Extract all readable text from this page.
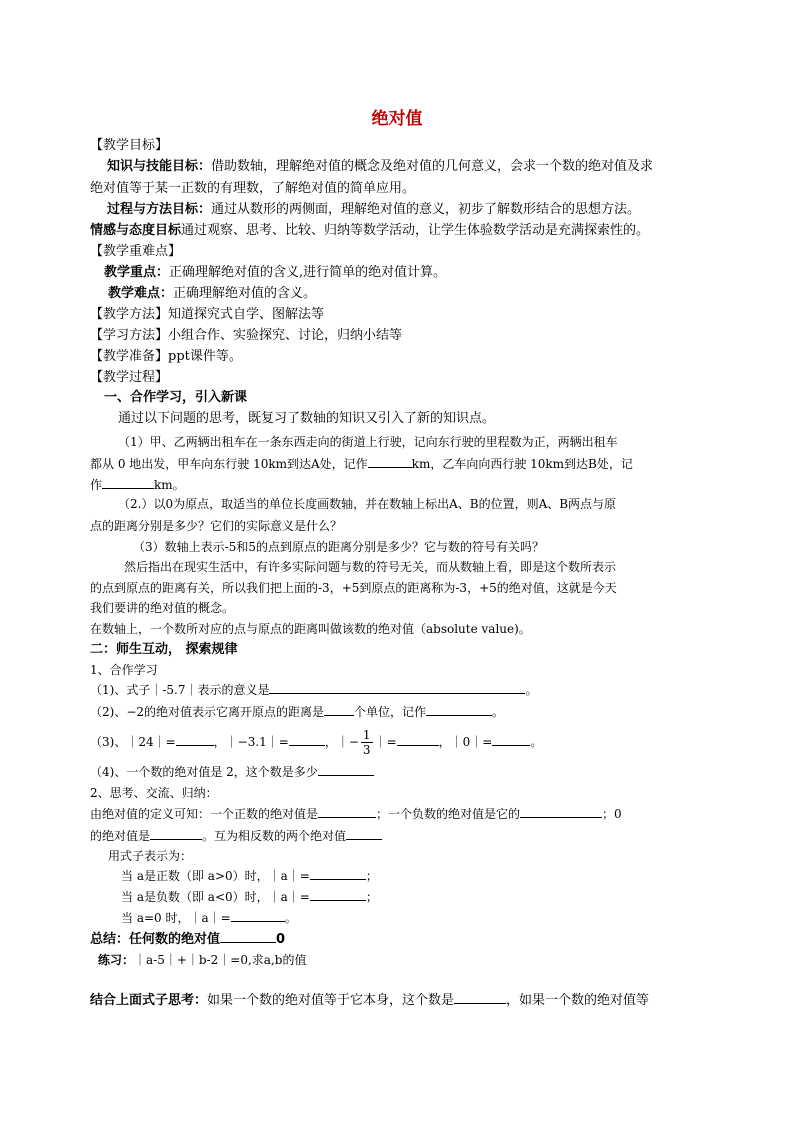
绝对值
【教学目标】
知识与技能目标：借助数轴，理解绝对值的概念及绝对值的几何意义，会求一个数的绝对值及求
绝对值等于某一正数的有理数，了解绝对值的简单应用。
过程与方法目标：通过从数形的两侧面，理解绝对值的意义，初步了解数形结合的思想方法。
情感与态度目标通过观察、思考、比较、归纳等数学活动，让学生体验数学活动是充满探索性的。
【教学重难点】
教学重点：正确理解绝对值的含义,进行简单的绝对值计算。
教学难点：正确理解绝对值的含义。
【教学方法】知道探究式自学、图解法等
【学习方法】小组合作、实验探究、讨论，归纳小结等
【教学准备】ppt课件等。
【教学过程】
一、合作学习，引入新课
通过以下问题的思考，既复习了数轴的知识又引入了新的知识点。
（1）甲、乙两辆出租车在一条东西走向的街道上行驶，记向东行驶的里程数为正，两辆出租车
都从 0 地出发，甲车向东行驶 10km到达A处，记作	km，乙车向向西行驶 10km到达B处，记
作	km。
（2.）以0为原点，取适当的单位长度画数轴，并在数轴上标出A、B的位置，则A、B两点与原
点的距离分别是多少？它们的实际意义是什么？
（3）数轴上表示-5和5的点到原点的距离分别是多少？它与数的符号有关吗？
然后指出在现实生活中，有许多实际问题与数的符号无关，而从数轴上看，即是这个数所表示
的点到原点的距离有关，所以我们把上面的-3，+5到原点的距离称为-3，+5的绝对值，这就是今天
我们要讲的绝对值的概念。
在数轴上，一个数所对应的点与原点的距离叫做该数的绝对值（absolute value)。
二：师生互动， 探索规律
1、合作学习
（1)、式子｜-5.7｜表示的意义是	。
（2)、−2的绝对值表示它离开原点的距离是	个单位，记作	。
（3)、｜24｜=	，｜−3.1｜=	，｜− $\frac{1}{3}$ ｜=	，｜0｜=	。
（4)、一个数的绝对值是 2，这个数是多少
2、思考、交流、归纳：
由绝对值的定义可知：一个正数的绝对值是	；一个负数的绝对值是它的	；0
的绝对值是	。互为相反数的两个绝对值
用式子表示为：
当 a是正数（即 a>0）时，｜a｜=	；
当 a是负数（即 a<0）时，｜a｜=	；
当 a=0 时，｜a｜=	。
总结：任何数的绝对值	0
练习：｜a-5｜+｜b-2｜=0,求a,b的值
结合上面式子思考：如果一个数的绝对值等于它本身，这个数是	，如果一个数的绝对值等
